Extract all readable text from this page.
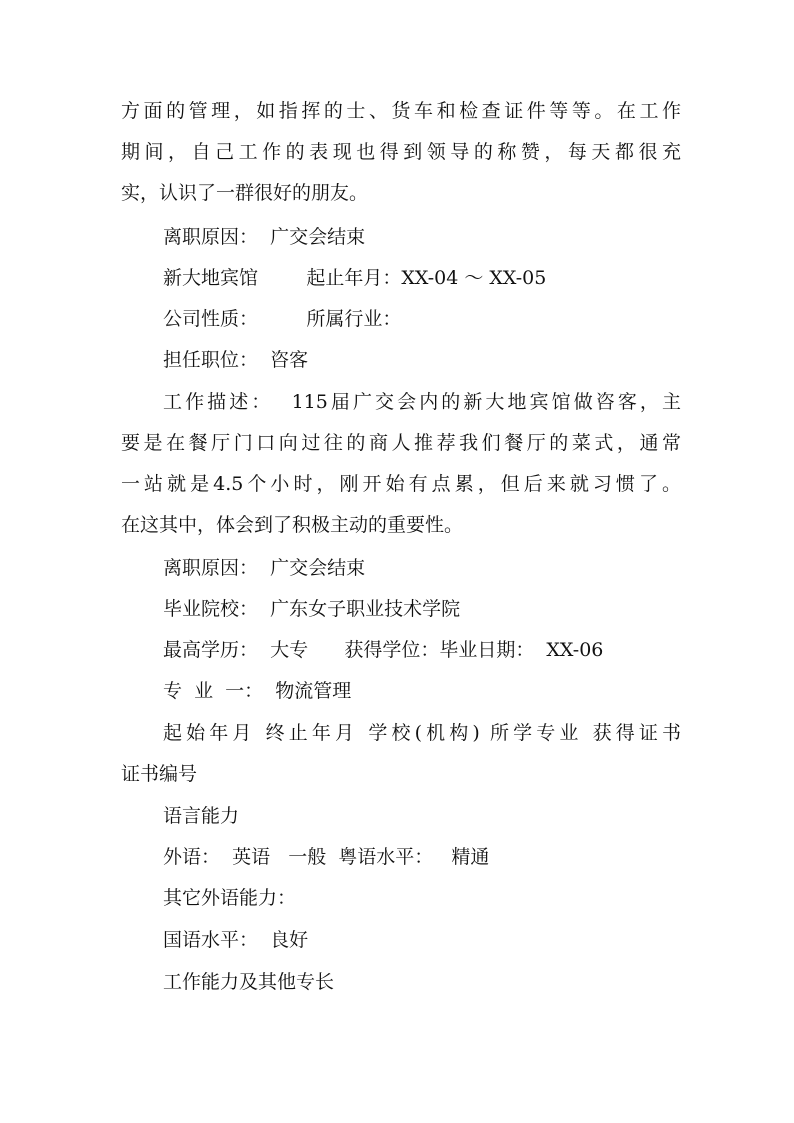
方面的管理，如指挥的士、货车和检查证件等等。在工作
期间，自己工作的表现也得到领导的称赞，每天都很充
实，认识了一群很好的朋友。
离职原因：  广交会结束
新大地宾馆        起止年月：XX-04 ～ XX-05
公司性质：        所属行业：
担任职位：  咨客
工作描述：  115届广交会内的新大地宾馆做咨客，主
要是在餐厅门口向过往的商人推荐我们餐厅的菜式，通常
一站就是4.5个小时，刚开始有点累，但后来就习惯了。
在这其中，体会到了积极主动的重要性。
离职原因：  广交会结束
毕业院校：  广东女子职业技术学院
最高学历：  大专      获得学位：毕业日期：  XX-06
专  业  一：  物流管理
起始年月 终止年月 学校(机构) 所学专业 获得证书
证书编号
语言能力
外语：  英语   一般  粤语水平：   精通
其它外语能力：
国语水平：  良好
工作能力及其他专长
